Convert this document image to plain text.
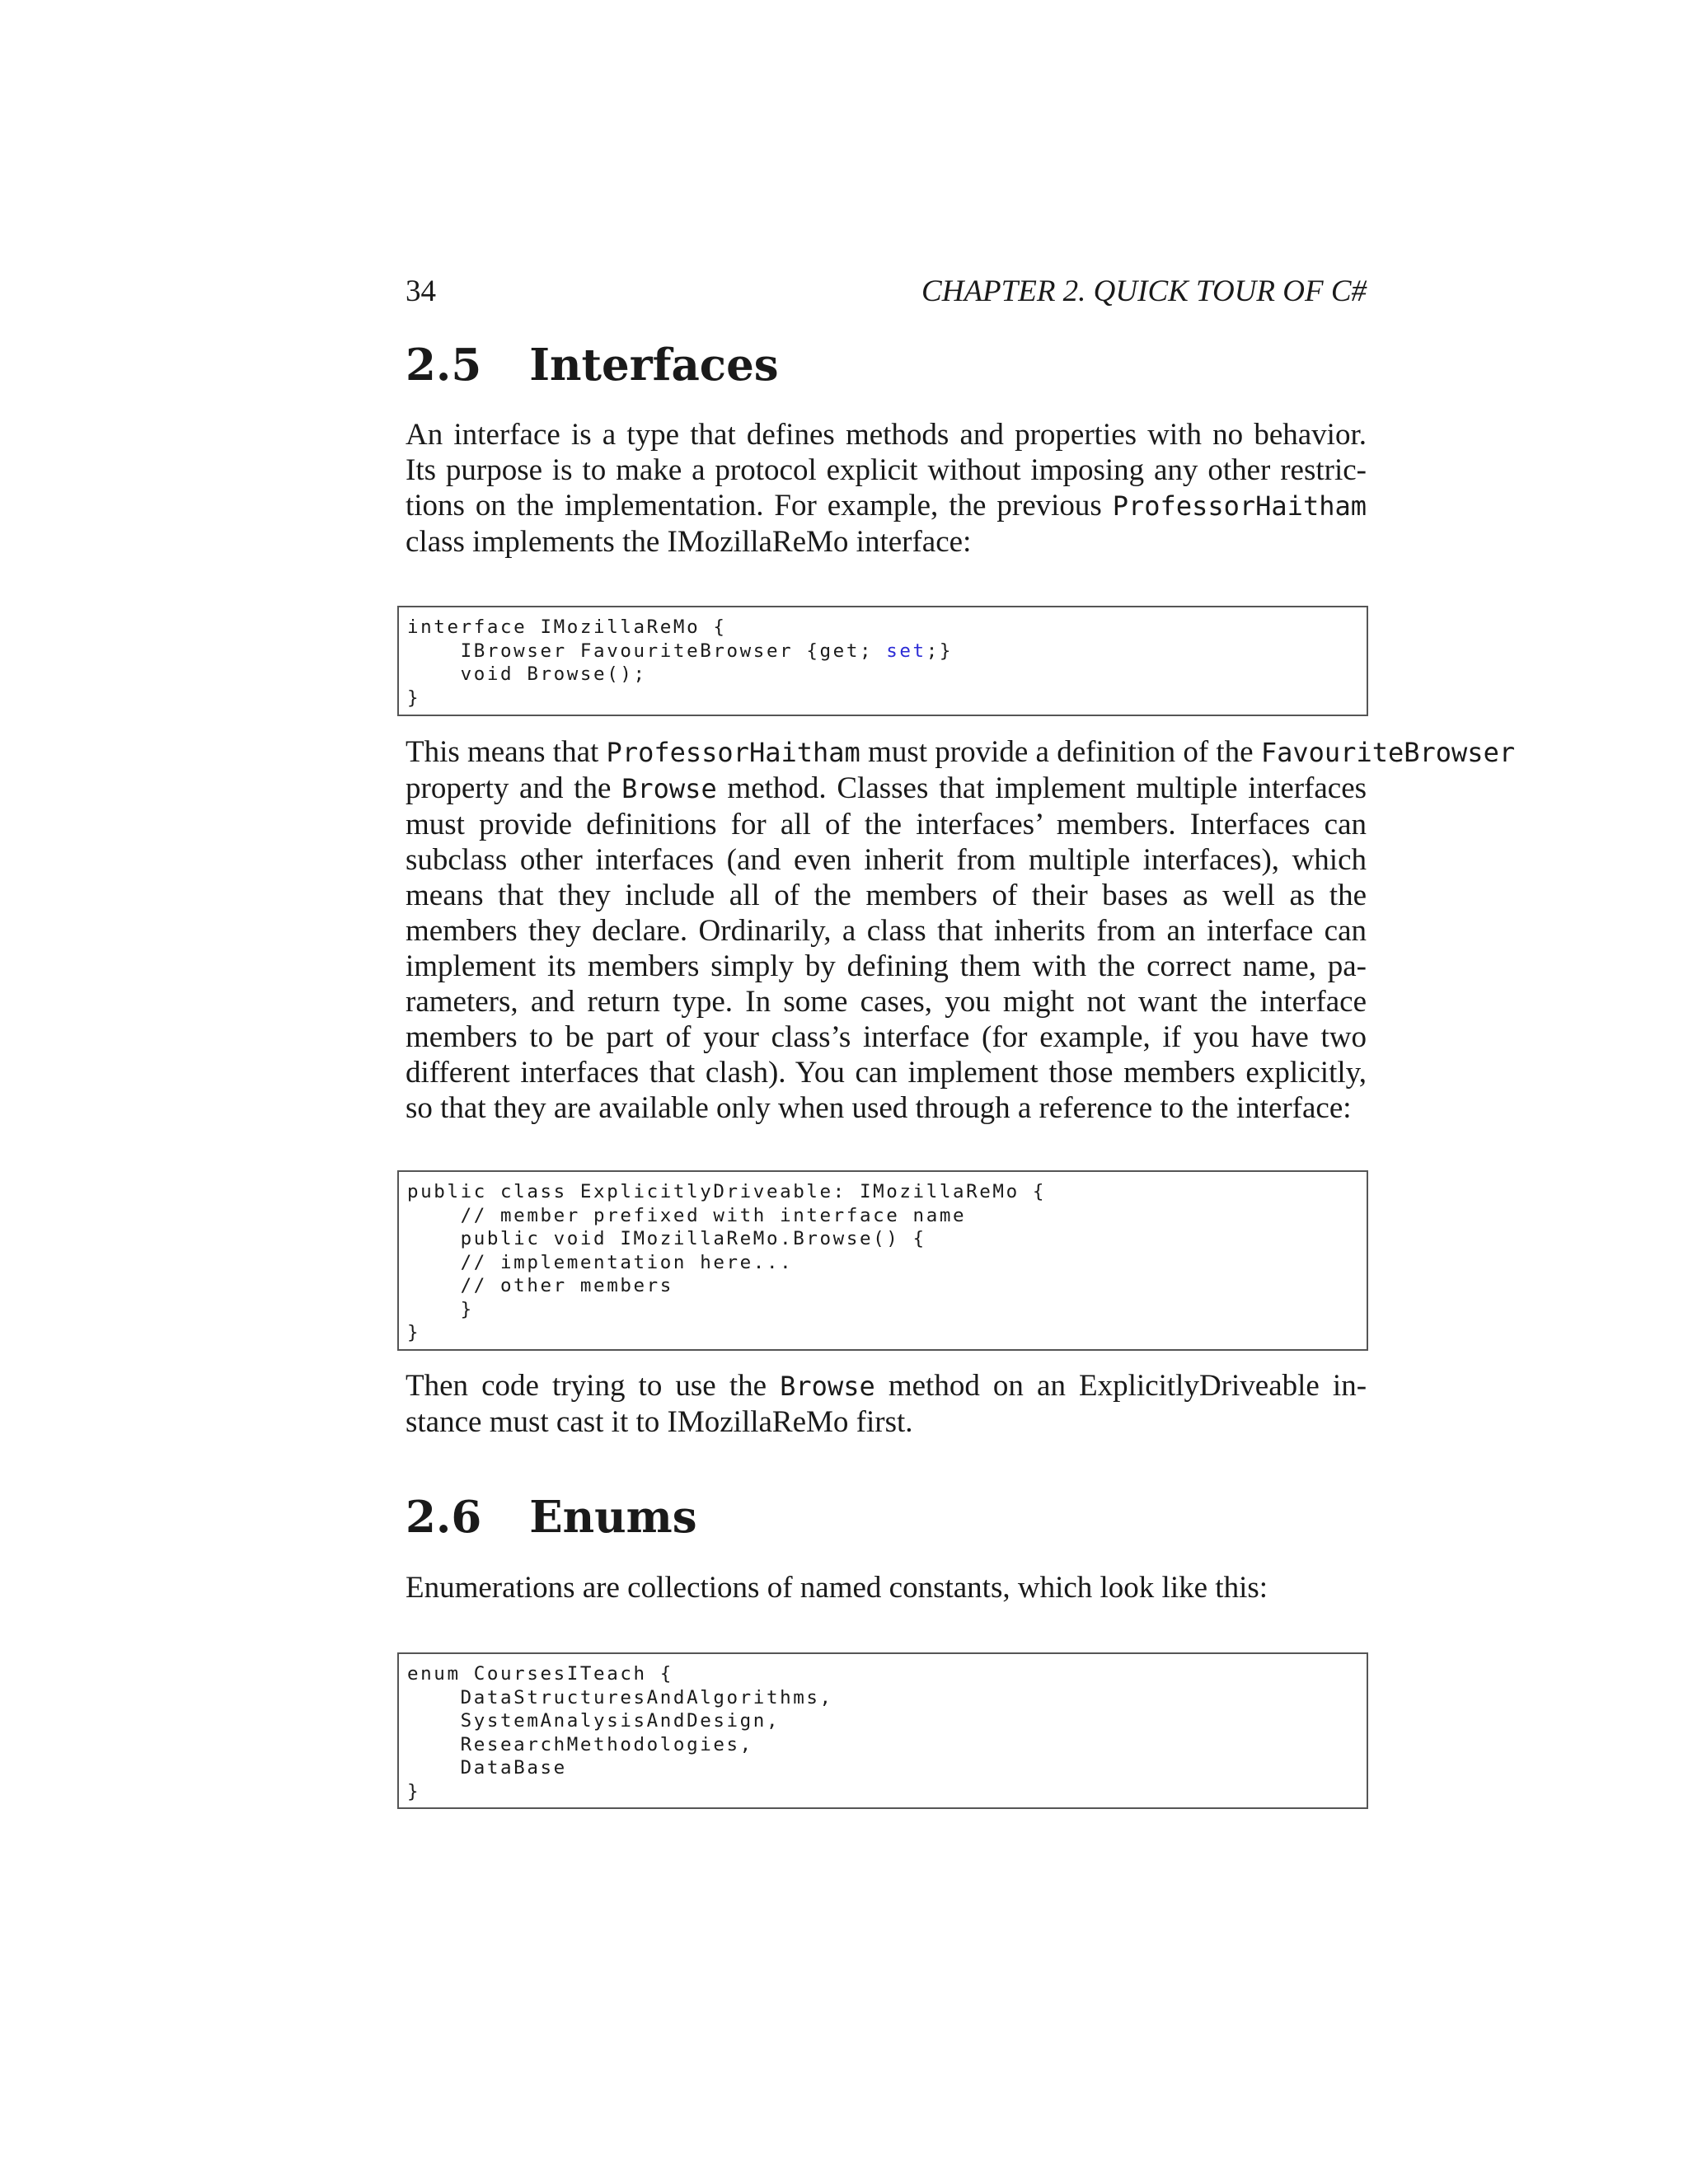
34	CHAPTER 2. QUICK TOUR OF C#
2.5 Interfaces
An interface is a type that defines methods and properties with no behavior.
Its purpose is to make a protocol explicit without imposing any other restric-
tions on the implementation. For example, the previous ProfessorHaitham
class implements the IMozillaReMo interface:
interface IMozillaReMo {
IBrowser FavouriteBrowser {get; set;}
void Browse();
}
This means that ProfessorHaitham must provide a definition of the FavouriteBrowser
property and the Browse method. Classes that implement multiple interfaces
must provide definitions for all of the interfaces’ members. Interfaces can
subclass other interfaces (and even inherit from multiple interfaces), which
means that they include all of the members of their bases as well as the
members they declare. Ordinarily, a class that inherits from an interface can
implement its members simply by defining them with the correct name, pa-
rameters, and return type. In some cases, you might not want the interface
members to be part of your class’s interface (for example, if you have two
different interfaces that clash). You can implement those members explicitly,
so that they are available only when used through a reference to the interface:
public class ExplicitlyDriveable: IMozillaReMo {
// member prefixed with interface name
public void IMozillaReMo.Browse() {
// implementation here...
// other members
}
}
Then code trying to use the Browse method on an ExplicitlyDriveable in-
stance must cast it to IMozillaReMo first.
2.6 Enums
Enumerations are collections of named constants, which look like this:
enum CoursesITeach {
DataStructuresAndAlgorithms,
SystemAnalysisAndDesign,
ResearchMethodologies,
DataBase
}
